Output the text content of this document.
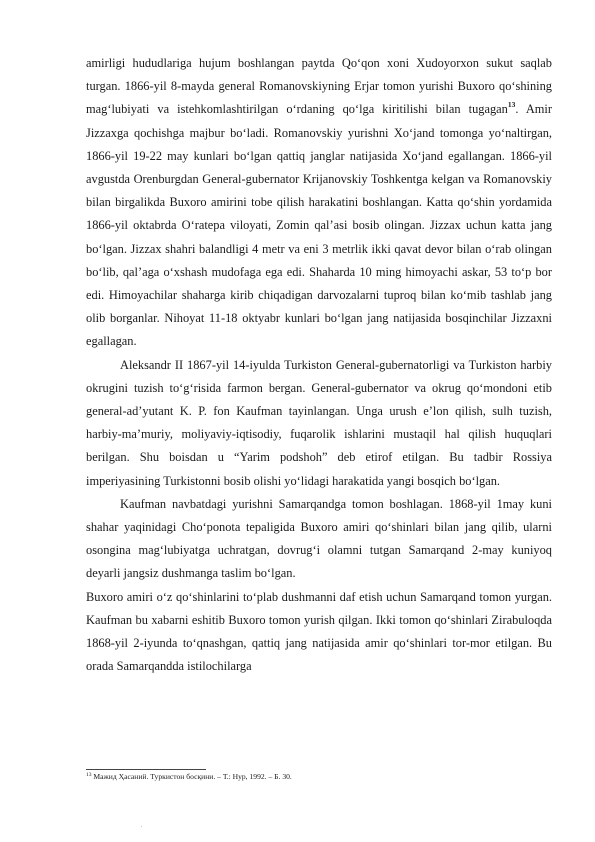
amirligi hududlariga hujum boshlangan paytda Qo‘qon xoni Xudoyorxon sukut saqlab turgan. 1866-yil 8-mayda general Romanovskiyning Erjar tomon yurishi Buxoro qo‘shining mag‘lubiyati va istehkomlashtirilgan o‘rdaning qo‘lga kiritilishi bilan tugagan$^{13}$. Amir Jizzaxga qochishga majbur bo‘ladi. Romanovskiy yurishni Xo‘jand tomonga yo‘naltirgan, 1866-yil 19-22 may kunlari bo‘lgan qattiq janglar natijasida Xo‘jand egallangan. 1866-yil avgustda Orenburgdan General-gubernator Krijanovskiy Toshkentga kelgan va Romanovskiy bilan birgalikda Buxoro amirini tobe qilish harakatini boshlangan. Katta qo‘shin yordamida 1866-yil oktabrda O‘ratepa viloyati, Zomin qal’asi bosib olingan. Jizzax uchun katta jang bo‘lgan. Jizzax shahri balandligi 4 metr va eni 3 metrlik ikki qavat devor bilan o‘rab olingan bo‘lib, qal’aga o‘xshash mudofaga ega edi. Shaharda 10 ming himoyachi askar, 53 to‘p bor edi. Himoyachilar shaharga kirib chiqadigan darvozalarni tuproq bilan ko‘mib tashlab jang olib borganlar. Nihoyat 11-18 oktyabr kunlari bo‘lgan jang natijasida bosqinchilar Jizzaxni egallagan.

Aleksandr II 1867-yil 14-iyulda Turkiston General-gubernatorligi va Turkiston harbiy okrugini tuzish to‘g‘risida farmon bergan. General-gubernator va okrug qo‘mondoni etib general-ad’yutant K. P. fon Kaufman tayinlangan. Unga urush e’lon qilish, sulh tuzish, harbiy-ma’muriy, moliyaviy-iqtisodiy, fuqarolik ishlarini mustaqil hal qilish huquqlari berilgan. Shu boisdan u “Yarim podshoh” deb etirof etilgan. Bu tadbir Rossiya imperiyasining Turkistonni bosib olishi yo‘lidagi harakatida yangi bosqich bo‘lgan.

Kaufman navbatdagi yurishni Samarqandga tomon boshlagan. 1868-yil 1may kuni shahar yaqinidagi Cho‘ponota tepaligida Buxoro amiri qo‘shinlari bilan jang qilib, ularni osongina mag‘lubiyatga uchratgan, dovrug‘i olamni tutgan Samarqand 2-may kuniyoq deyarli jangsiz dushmanga taslim bo‘lgan.

Buxoro amiri o‘z qo‘shinlarini to‘plab dushmanni daf etish uchun Samarqand tomon yurgan. Kaufman bu xabarni eshitib Buxoro tomon yurish qilgan. Ikki tomon qo‘shinlari Zirabuloqda 1868-yil 2-iyunda to‘qnashgan, qattiq jang natijasida amir qo‘shinlari tor-mor etilgan. Bu orada Samarqandda istilochilarga

$^{13}$ Мажид Ҳасаний. Туркистон босқини. – Т.: Нур, 1992. – Б. 30.
.
